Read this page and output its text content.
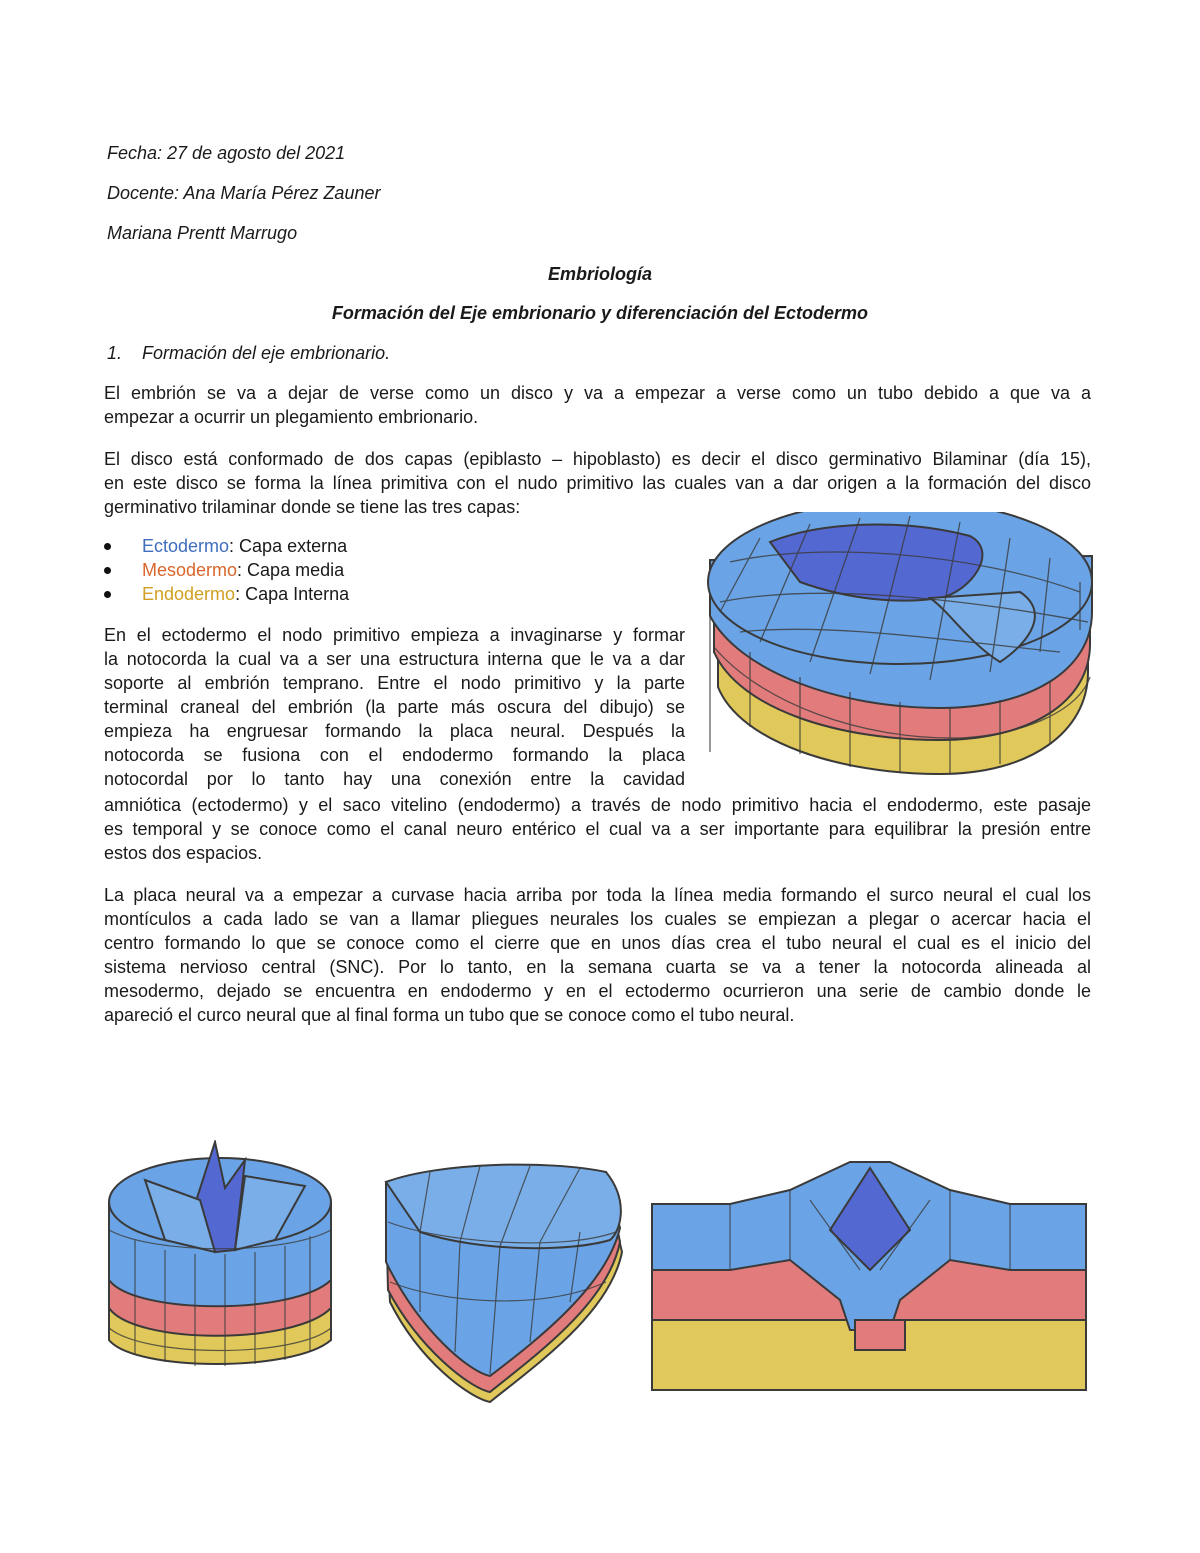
Fecha: 27 de agosto del 2021
Docente: Ana María Pérez Zauner
Mariana Prentt Marrugo
Embriología
Formación del Eje embrionario y diferenciación del Ectodermo
1. Formación del eje embrionario.
El embrión se va a dejar de verse como un disco y va a empezar a verse como un tubo debido a que va a
empezar a ocurrir un plegamiento embrionario.
El disco está conformado de dos capas (epiblasto – hipoblasto) es decir el disco germinativo Bilaminar (día 15),
en este disco se forma la línea primitiva con el nudo primitivo las cuales van a dar origen a la formación del disco
germinativo trilaminar donde se tiene las tres capas:
Ectodermo: Capa externa
Mesodermo: Capa media
Endodermo: Capa Interna
En el ectodermo el nodo primitivo empieza a invaginarse y formar
la notocorda la cual va a ser una estructura interna que le va a dar
soporte al embrión temprano. Entre el nodo primitivo y la parte
terminal craneal del embrión (la parte más oscura del dibujo) se
empieza ha engruesar formando la placa neural. Después la
notocorda se fusiona con el endodermo formando la placa
notocordal por lo tanto hay una conexión entre la cavidad
amniótica (ectodermo) y el saco vitelino (endodermo) a través de nodo primitivo hacia el endodermo, este pasaje
es temporal y se conoce como el canal neuro entérico el cual va a ser importante para equilibrar la presión entre
estos dos espacios.
La placa neural va a empezar a curvase hacia arriba por toda la línea media formando el surco neural el cual los
montículos a cada lado se van a llamar pliegues neurales los cuales se empiezan a plegar o acercar hacia el
centro formando lo que se conoce como el cierre que en unos días crea el tubo neural el cual es el inicio del
sistema nervioso central (SNC). Por lo tanto, en la semana cuarta se va a tener la notocorda alineada al
mesodermo, dejado se encuentra en endodermo y en el ectodermo ocurrieron una serie de cambio donde le
apareció el curco neural que al final forma un tubo que se conoce como el tubo neural.
